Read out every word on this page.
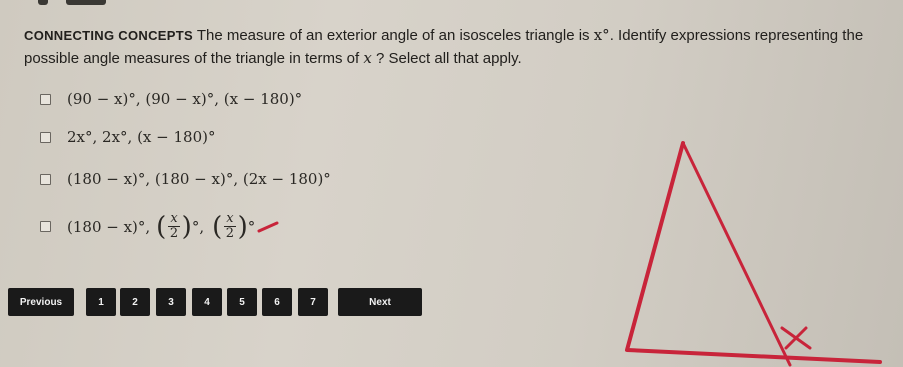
CONNECTING CONCEPTS The measure of an exterior angle of an isosceles triangle is x°. Identify expressions representing the possible angle measures of the triangle in terms of x ? Select all that apply.
(90 − x)°, (90 − x)°, (x − 180)°
2x°, 2x°, (x − 180)°
(180 − x)°, (180 − x)°, (2x − 180)°
(180 − x)°, ( $\frac{x}{2}$ ) °, ( $\frac{x}{2}$ ) °
Previous	1	2	3	4	5	6	7	Next
